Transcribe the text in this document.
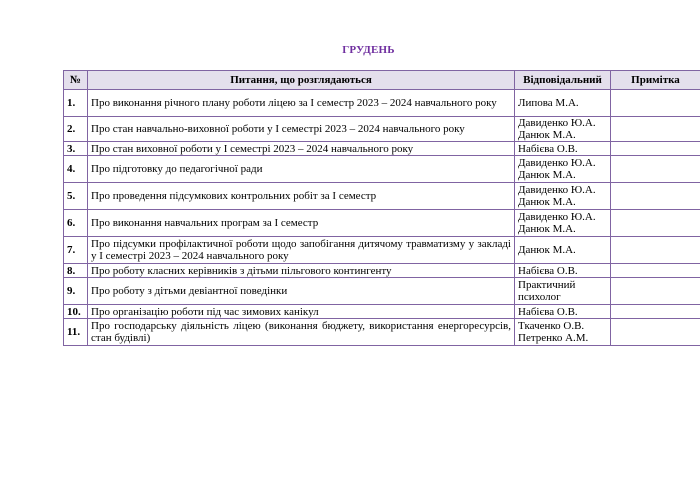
ГРУДЕНЬ
№	Питання, що розглядаються	Відповідальний	Примітка
1.	Про виконання річного плану роботи ліцею за І семестр 2023 – 2024 навчального року	Липова М.А.	

2.	Про стан навчально-виховної роботи у І семестрі 2023 – 2024 навчального року	Давиденко Ю.А.
Данюк М.А.	

3.	Про стан виховної роботи у І семестрі 2023 – 2024 навчального року	Набієва О.В.	

4.	Про підготовку до педагогічної ради	Давиденко Ю.А.
Данюк М.А.	

5.	Про проведення підсумкових контрольних робіт за І семестр	Давиденко Ю.А.
Данюк М.А.	

6.	Про виконання навчальних програм за І семестр	Давиденко Ю.А.
Данюк М.А.	

7.	Про підсумки профілактичної роботи щодо запобігання дитячому травматизму у закладі у І семестрі 2023 – 2024 навчального року	Данюк М.А.	

8.	Про роботу класних керівників з дітьми пільгового контингенту	Набієва О.В.	

9.	Про роботу з дітьми девіантної поведінки	Практичний
психолог	

10.	Про організацію роботи під час зимових канікул	Набієва О.В.	

11.	Про господарську діяльність ліцею (виконання бюджету, використання енергоресурсів, стан будівлі)	Ткаченко О.В.
Петренко А.М.	
